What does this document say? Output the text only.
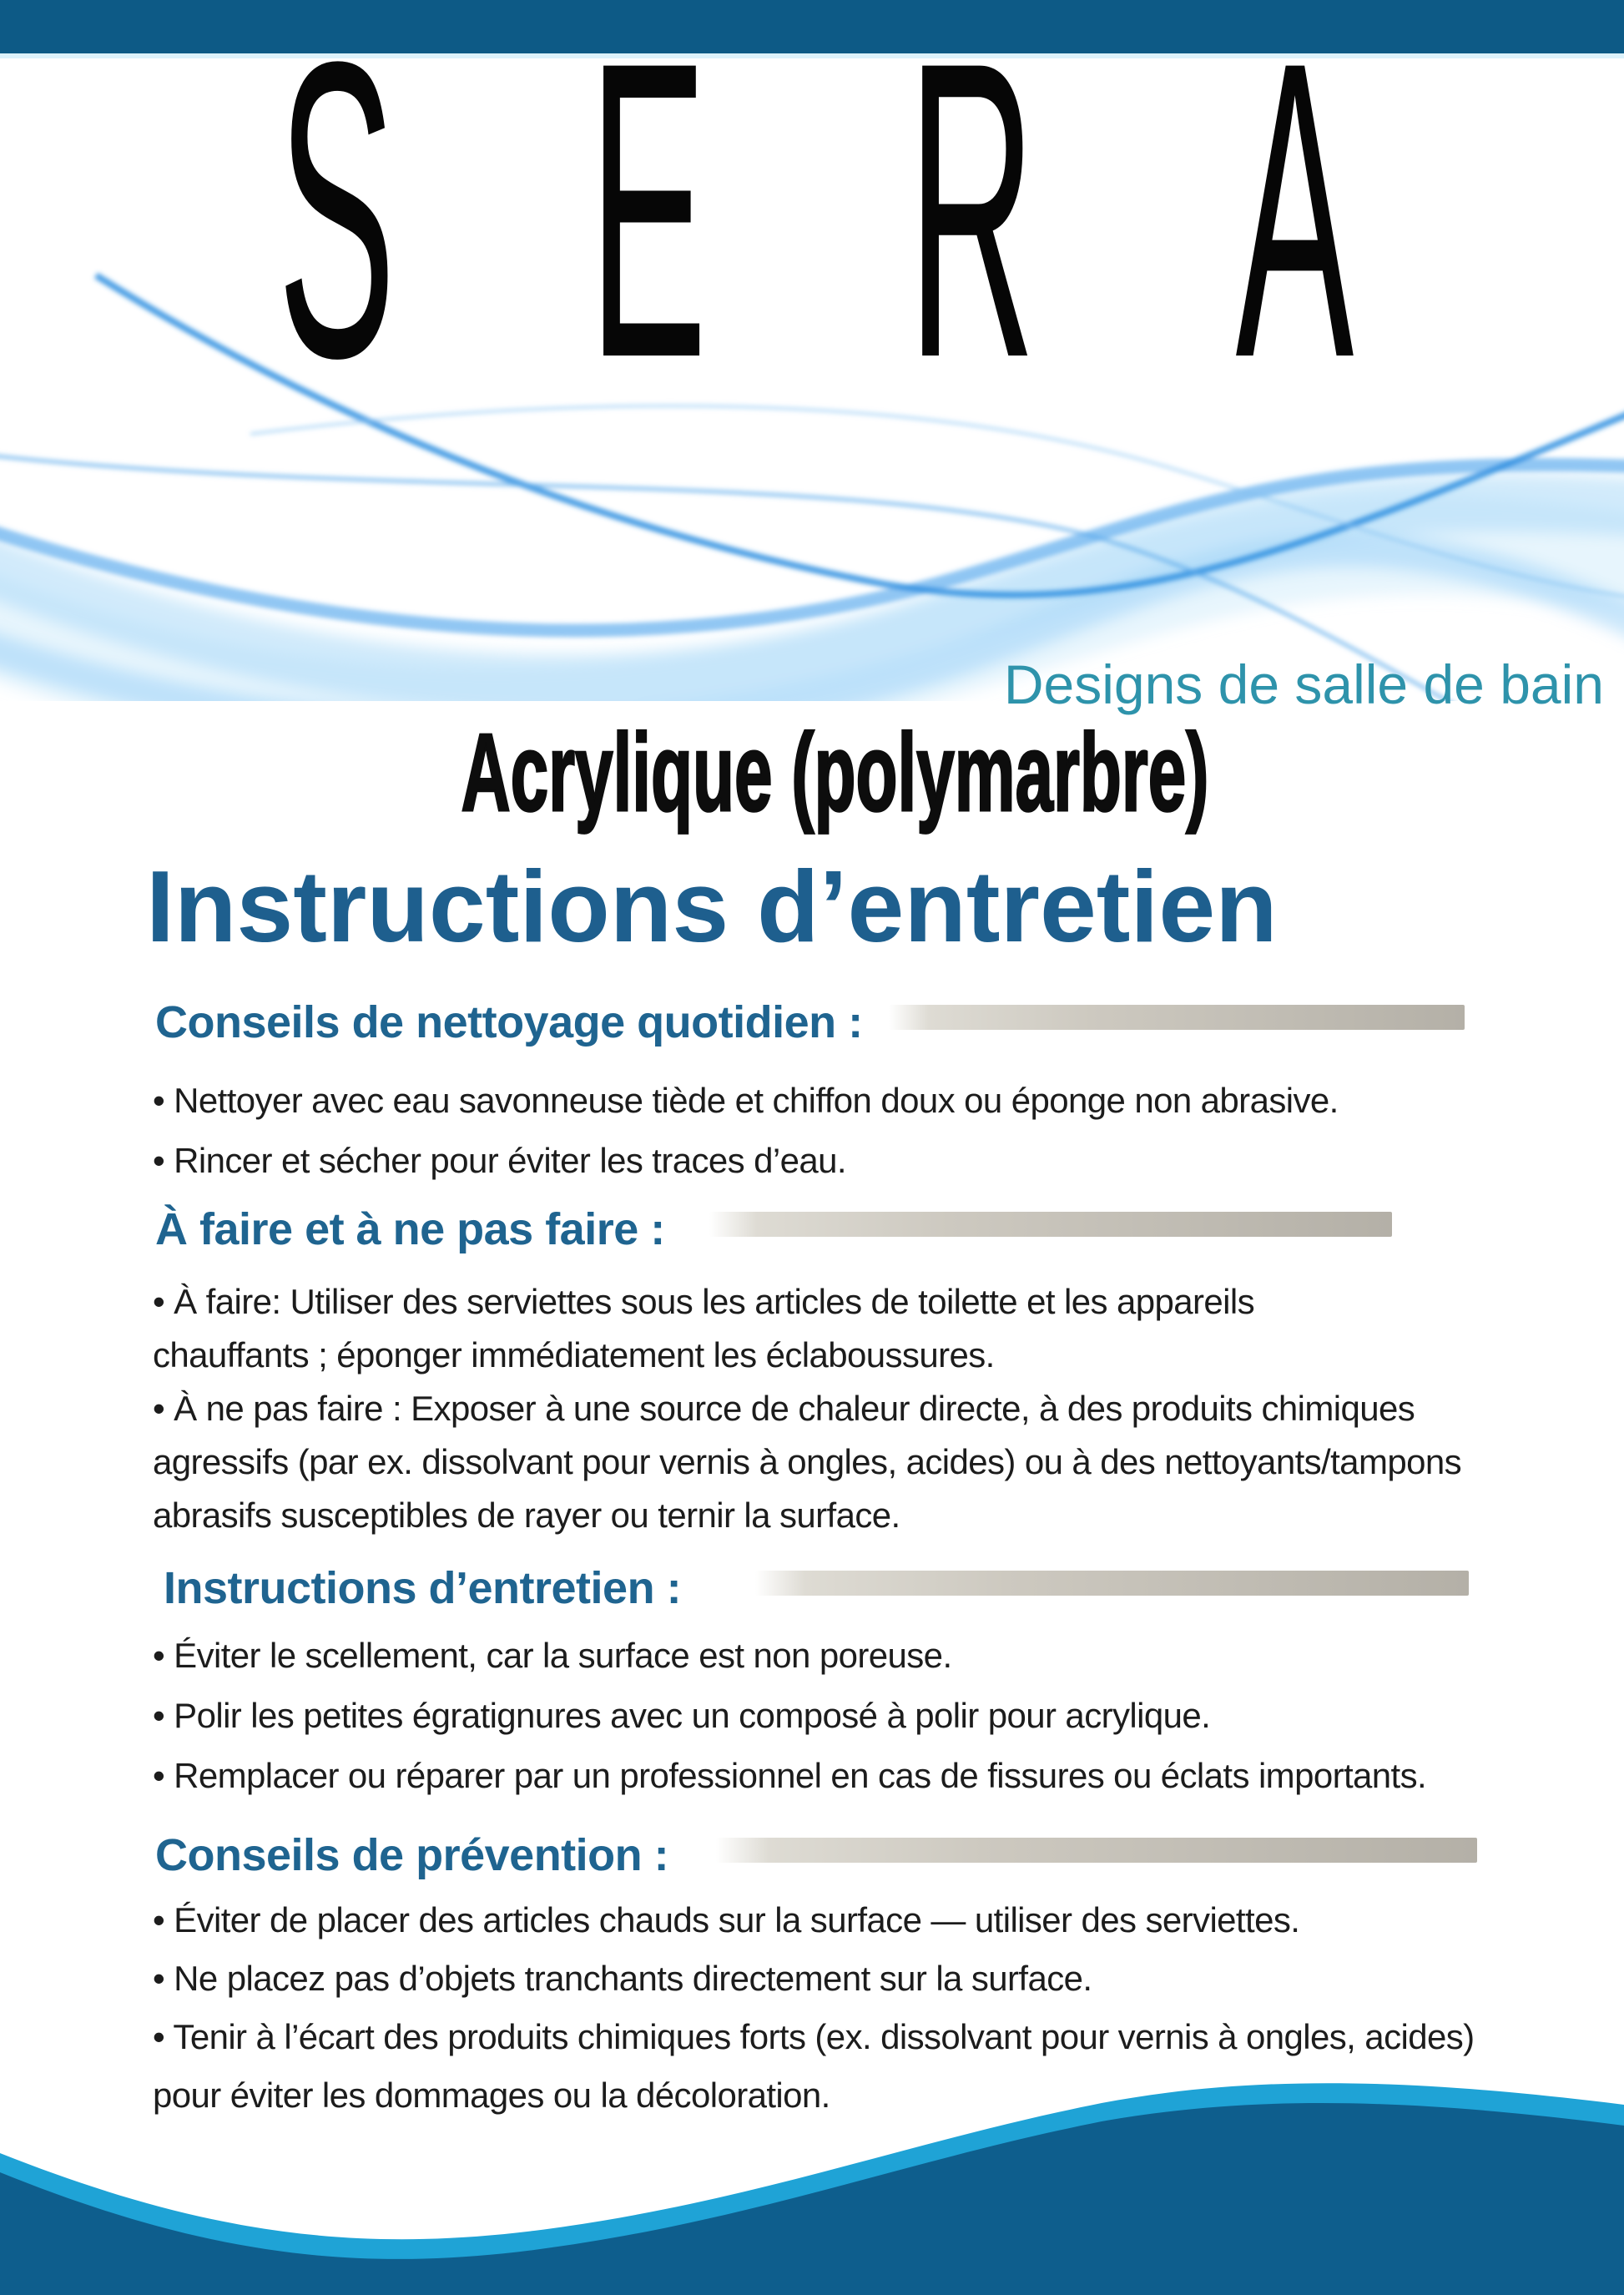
S E R A
Designs de salle de bain
Acrylique (polymarbre)
Instructions d’entretien
Conseils de nettoyage quotidien :
• Nettoyer avec eau savonneuse tiède et chiffon doux ou éponge non abrasive.
• Rincer et sécher pour éviter les traces d’eau.
À faire et à ne pas faire :
• À faire: Utiliser des serviettes sous les articles de toilette et les appareils
chauffants ; éponger immédiatement les éclaboussures.
• À ne pas faire : Exposer à une source de chaleur directe, à des produits chimiques
agressifs (par ex. dissolvant pour vernis à ongles, acides) ou à des nettoyants/tampons
abrasifs susceptibles de rayer ou ternir la surface.
Instructions d’entretien :
• Éviter le scellement, car la surface est non poreuse.
• Polir les petites égratignures avec un composé à polir pour acrylique.
• Remplacer ou réparer par un professionnel en cas de fissures ou éclats importants.
Conseils de prévention :
• Éviter de placer des articles chauds sur la surface — utiliser des serviettes.
• Ne placez pas d’objets tranchants directement sur la surface.
• Tenir à l’écart des produits chimiques forts (ex. dissolvant pour vernis à ongles, acides)
pour éviter les dommages ou la décoloration.
